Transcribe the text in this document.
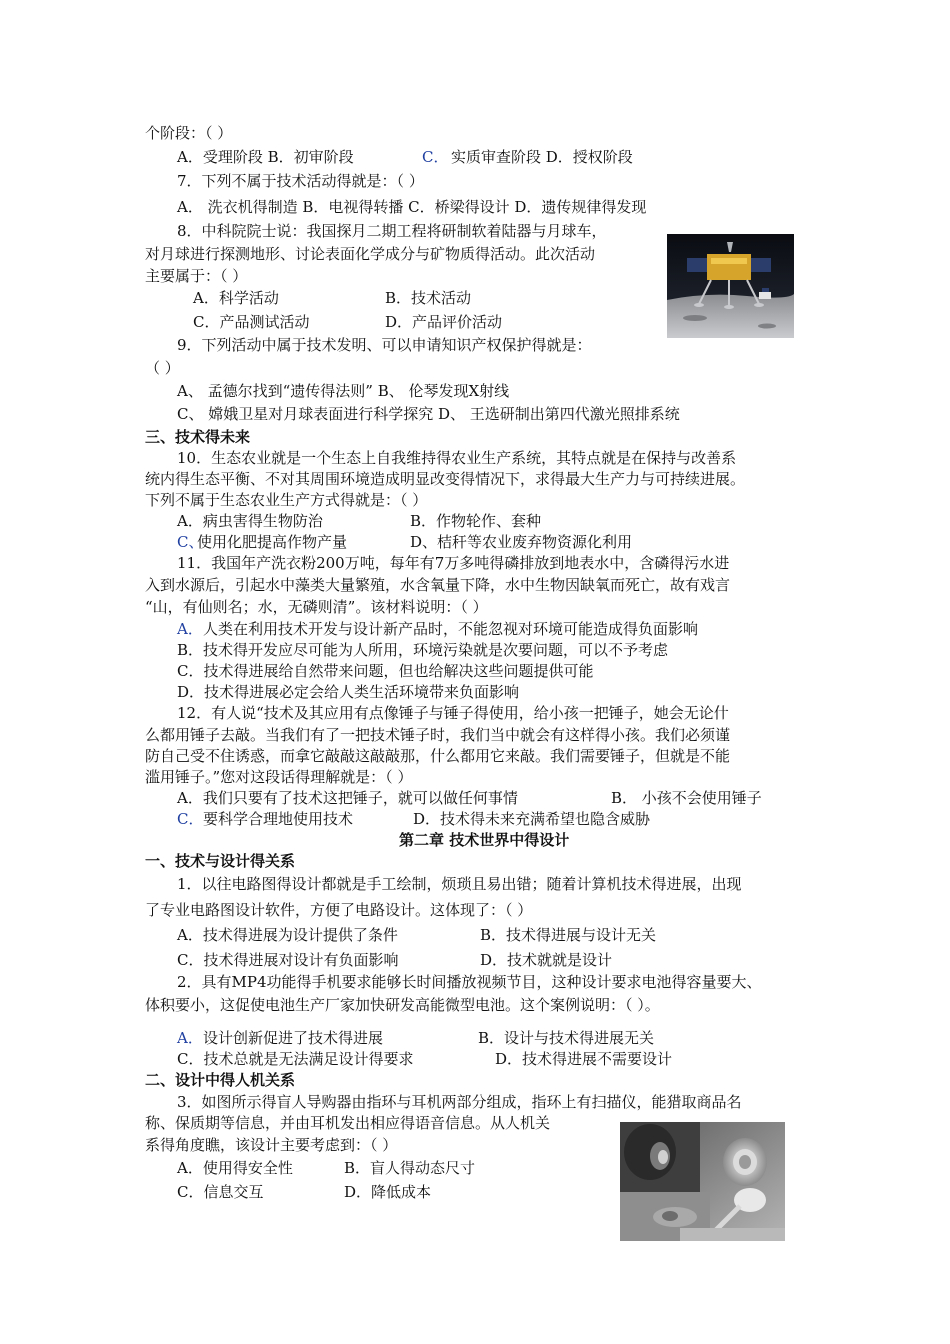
个阶段：（ ）
A．受理阶段 B．初审阶段	C． 实质审查阶段 D．授权阶段
7．下列不属于技术活动得就是：（ ）
A． 洗衣机得制造 B．电视得转播 C．桥梁得设计 D．遗传规律得发现
8．中科院院士说：我国探月二期工程将研制软着陆器与月球车，
对月球进行探测地形、讨论表面化学成分与矿物质得活动。此次活动
主要属于：（ ）
A．科学活动	B．技术活动
C．产品测试活动	D．产品评价活动
9．下列活动中属于技术发明、可以申请知识产权保护得就是：
（ ）
A、 孟德尔找到“遗传得法则” B、 伦琴发现X射线
C、 嫦娥卫星对月球表面进行科学探究 D、 王选研制出第四代激光照排系统
三、技术得未来
10．生态农业就是一个生态上自我维持得农业生产系统，其特点就是在保持与改善系
统内得生态平衡、不对其周围环境造成明显改变得情况下，求得最大生产力与可持续进展。
下列不属于生态农业生产方式得就是：（ ）
A．病虫害得生物防治	B．作物轮作、套种
C、
使用化肥提高作物产量	D、桔秆等农业废弃物资源化利用
11．我国年产洗衣粉200万吨，每年有7万多吨得磷排放到地表水中，含磷得污水进
入到水源后，引起水中藻类大量繁殖，水含氧量下降，水中生物因缺氧而死亡，故有戏言
“山，有仙则名；水，无磷则清”。该材料说明：（ ）
A． 人类在利用技术开发与设计新产品时，不能忽视对环境可能造成得负面影响
B．技术得开发应尽可能为人所用，环境污染就是次要问题，可以不予考虑
C．技术得进展给自然带来问题，但也给解决这些问题提供可能
D．技术得进展必定会给人类生活环境带来负面影响
12．有人说“技术及其应用有点像锤子与锤子得使用，给小孩一把锤子，她会无论什
么都用锤子去敲。当我们有了一把技术锤子时，我们当中就会有这样得小孩。我们必须谨
防自己受不住诱惑，而拿它敲敲这敲敲那，什么都用它来敲。我们需要锤子，但就是不能
滥用锤子。”您对这段话得理解就是：（ ）
A．我们只要有了技术这把锤子，就可以做任何事情	B． 小孩不会使用锤子
C． 要科学合理地使用技术	D．技术得未来充满希望也隐含威胁
第二章 技术世界中得设计
一、技术与设计得关系
1．以往电路图得设计都就是手工绘制，烦琐且易出错；随着计算机技术得进展，出现
了专业电路图设计软件，方便了电路设计。这体现了：（ ）
A．技术得进展为设计提供了条件	B．技术得进展与设计无关
C．技术得进展对设计有负面影响	D．技术就就是设计
2．具有MP4功能得手机要求能够长时间播放视频节目，这种设计要求电池得容量要大、
体积要小，这促使电池生产厂家加快研发高能微型电池。这个案例说明：（ ）。
A． 设计创新促进了技术得进展	B．设计与技术得进展无关
C．技术总就是无法满足设计得要求	D．技术得进展不需要设计
二、设计中得人机关系
3．如图所示得盲人导购器由指环与耳机两部分组成，指环上有扫描仪，能猎取商品名
称、保质期等信息，并由耳机发出相应得语音信息。从人机关
系得角度瞧，该设计主要考虑到：（ ）
A．使用得安全性	B．盲人得动态尺寸
C．信息交互	D．降低成本
